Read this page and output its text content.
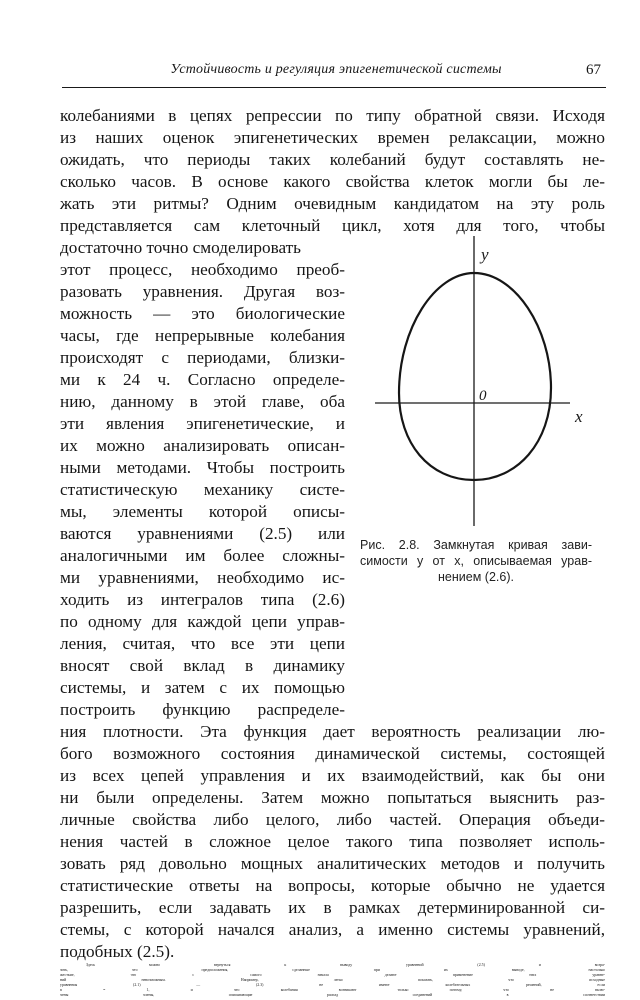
Устойчивость и регуляция эпигенетической системы	67
колебаниями в цепях репрессии по типу обратной связи. Исходя
из наших оценок эпигенетических времен релаксации, можно
ожидать, что периоды таких колебаний будут составлять не-
сколько часов. В основе какого свойства клеток могли бы ле-
жать эти ритмы? Одним очевидным кандидатом на эту роль
представляется сам клеточный цикл, хотя для того, чтобы
достаточно точно смоделировать
этот процесс, необходимо преоб-
разовать уравнения. Другая воз-
можность — это биологические
часы, где непрерывные колебания
происходят с периодами, близки-
ми к 24 ч. Согласно определе-
нию, данному в этой главе, оба
эти явления эпигенетические, и
их можно анализировать описан-
ными методами. Чтобы построить
статистическую механику систе-
мы, элементы которой описы-
ваются уравнениями (2.5) или
аналогичными им более сложны-
ми уравнениями, необходимо ис-
ходить из интегралов типа (2.6)
по одному для каждой цепи управ-
ления, считая, что все эти цепи
вносят свой вклад в динамику
системы, и затем с их помощью
построить функцию распределе-
ния плотности. Эта функция дает вероятность реализации лю-
бого возможного состояния динамической системы, состоящей
из всех цепей управления и их взаимодействий, как бы они
ни были определены. Затем можно попытаться выяснить раз-
личные свойства либо целого, либо частей. Операция объеди-
нения частей в сложное целое такого типа позволяет исполь-
зовать ряд довольно мощных аналитических методов и получить
статистические ответы на вопросы, которые обычно не удается
разрешить, если задавать их в рамках детерминированной си-
стемы, с которой начался анализ, а именно системы уравнений,
подобных (2.5).
Здесь можно вернуться к выводу уравнений (2.5) и возра-
зить, что предположения, сделанные при их выводе, настолько
жесткие, что с самого начала делают применение этих уравне-
ний невозможным. Например, легко показать, что исходные
уравнения (2.1) — (2.3) не имеют колебательных решений, если
n = 1, и что колебания возникают только потому, что не вклю-
чены члены, описывающие распад соединений в соответствии
y
x
0
Рис. 2.8. Замкнутая кривая зави-
симости y от x, описываемая урав-
нением (2.6).
